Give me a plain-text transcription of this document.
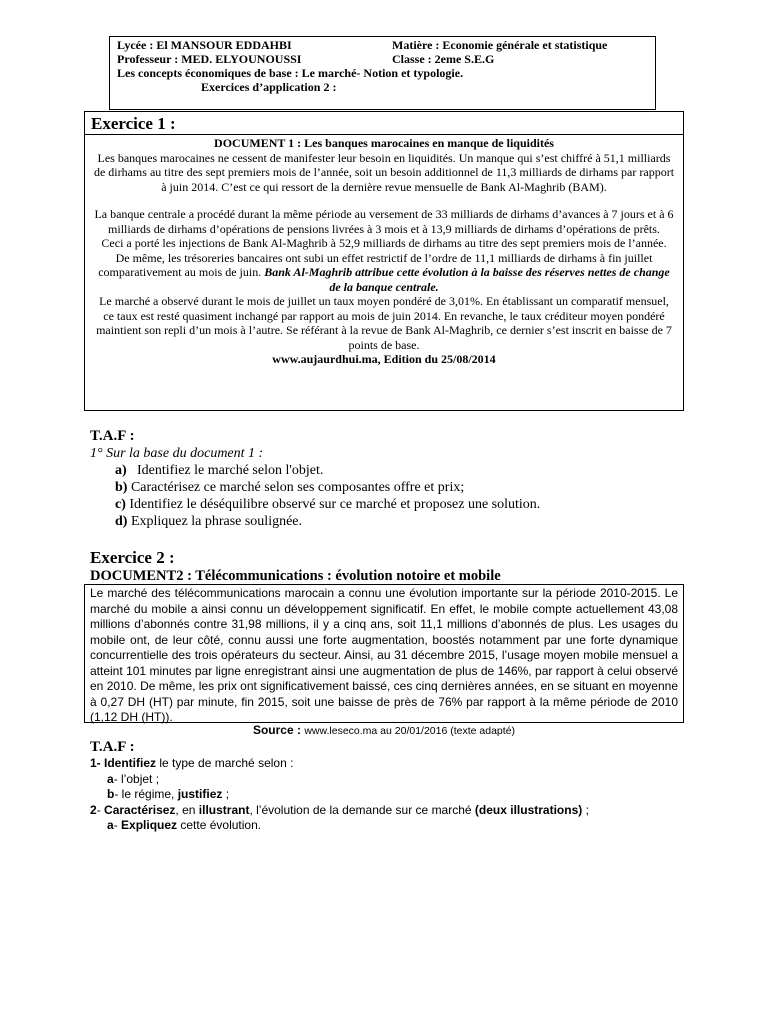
Lycée : El MANSOUR EDDAHBI	Matière : Economie générale et statistique
Professeur : MED. ELYOUNOUSSI	Classe : 2eme S.E.G
Les concepts économiques de base : Le marché- Notion et typologie.
Exercices d’application 2 :
Exercice 1 :

DOCUMENT 1 : Les banques marocaines en manque de liquidités

Les banques marocaines ne cessent de manifester leur besoin en liquidités. Un manque qui s’est chiffré à 51,1 milliards de dirhams au titre des sept premiers mois de l’année, soit un besoin additionnel de 11,3 milliards de dirhams par rapport à juin 2014. C’est ce qui ressort de la dernière revue mensuelle de Bank Al-Maghrib (BAM).

La banque centrale a procédé durant la même période au versement de 33 milliards de dirhams d’avances à 7 jours et à 6 milliards de dirhams d’opérations de pensions livrées à 3 mois et à 13,9 milliards de dirhams d’opérations de prêts.

Ceci a porté les injections de Bank Al-Maghrib à 52,9 milliards de dirhams au titre des sept premiers mois de l’année. De même, les trésoreries bancaires ont subi un effet restrictif de l’ordre de 11,1 milliards de dirhams à fin juillet comparativement au mois de juin. Bank Al-Maghrib attribue cette évolution à la baisse des réserves nettes de change de la banque centrale.

Le marché a observé durant le mois de juillet un taux moyen pondéré de 3,01%. En établissant un comparatif mensuel, ce taux est resté quasiment inchangé par rapport au mois de juin 2014. En revanche, le taux créditeur moyen pondéré maintient son repli d’un mois à l’autre. Se référant à la revue de Bank Al-Maghrib, ce dernier s’est inscrit en baisse de 7 points de base.

www.aujaurdhui.ma, Edition du 25/08/2014

T.A.F :
1° Sur la base du document 1 :
a) Identifiez le marché selon l'objet.
b) Caractérisez ce marché selon ses composantes offre et prix;
c) Identifiez le déséquilibre observé sur ce marché et proposez une solution.
d) Expliquez la phrase soulignée.
Exercice 2 :
DOCUMENT2 : Télécommunications : évolution notoire et mobile
Le marché des télécommunications marocain a connu une évolution importante sur la période 2010-2015. Le marché du mobile a ainsi connu un développement significatif. En effet, le mobile compte actuellement 43,08 millions d’abonnés contre 31,98 millions, il y a cinq ans, soit 11,1 millions d’abonnés de plus. Les usages du mobile ont, de leur côté, connu aussi une forte augmentation, boostés notamment par une forte dynamique concurrentielle des trois opérateurs du secteur. Ainsi, au 31 décembre 2015, l’usage moyen mobile mensuel a atteint 101 minutes par ligne enregistrant ainsi une augmentation de plus de 146%, par rapport à celui observé en 2010. De même, les prix ont significativement baissé, ces cinq dernières années, en se situant en moyenne à 0,27 DH (HT) par minute, fin 2015, soit une baisse de près de 76% par rapport à la même période de 2010 (1,12 DH (HT)).
Source : www.leseco.ma au 20/01/2016 (texte adapté)
T.A.F :
1- Identifiez le type de marché selon :
a- l’objet ;
b- le régime, justifiez ;
2- Caractérisez, en illustrant, l’évolution de la demande sur ce marché (deux illustrations) ;
a- Expliquez cette évolution.
